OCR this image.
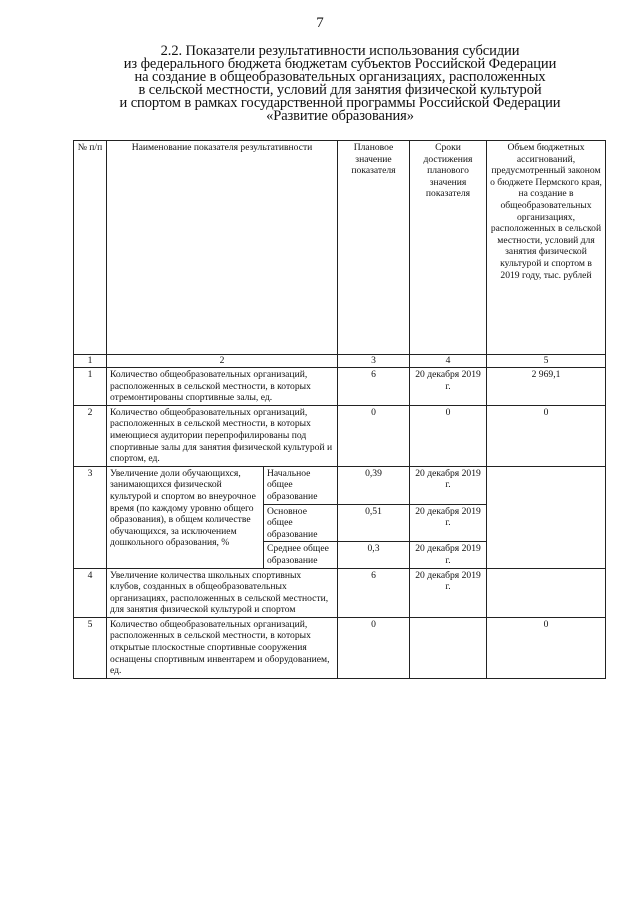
7
2.2. Показатели результативности использования субсидии
из федерального бюджета бюджетам субъектов Российской Федерации
на создание в общеобразовательных организациях, расположенных
в сельской местности, условий для занятия физической культурой
и спортом в рамках государственной программы Российской Федерации
«Развитие образования»
№ п/п	Наименование показателя результативности		Плановое значение показателя	Сроки достижения планового значения показателя	Объем бюджетных ассигнований, предусмотренный законом о бюджете Пермского края, на создание в общеобразовательных организациях, расположенных в сельской местности, условий для занятия физической культурой и спортом в 2019 году, тыс. рублей
1	2		3	4	5
1	Количество общеобразовательных организаций, расположенных в сельской местности, в которых отремонтированы спортивные залы, ед.		6	20 декабря 2019 г.	2 969,1
2	Количество общеобразовательных организаций, расположенных в сельской местности, в которых имеющиеся аудитории перепрофилированы под спортивные залы для занятия физической культурой и спортом, ед.		0	0	0
3	Увеличение доли обучающихся, занимающихся физической культурой и спортом во внеурочное время (по каждому уровню общего образования), в общем количестве обучающихся, за исключением дошкольного образования, %	Начальное общее образование	0,39	20 декабря 2019 г.	
		Основное общее образование	0,51	20 декабря 2019 г.	
		Среднее общее образование	0,3	20 декабря 2019 г.	
4	Увеличение количества школьных спортивных клубов, созданных в общеобразовательных организациях, расположенных в сельской местности, для занятия физической культурой и спортом		6	20 декабря 2019 г.	
5	Количество общеобразовательных организаций, расположенных в сельской местности, в которых открытые плоскостные спортивные сооружения оснащены спортивным инвентарем и оборудованием, ед.		0		0
